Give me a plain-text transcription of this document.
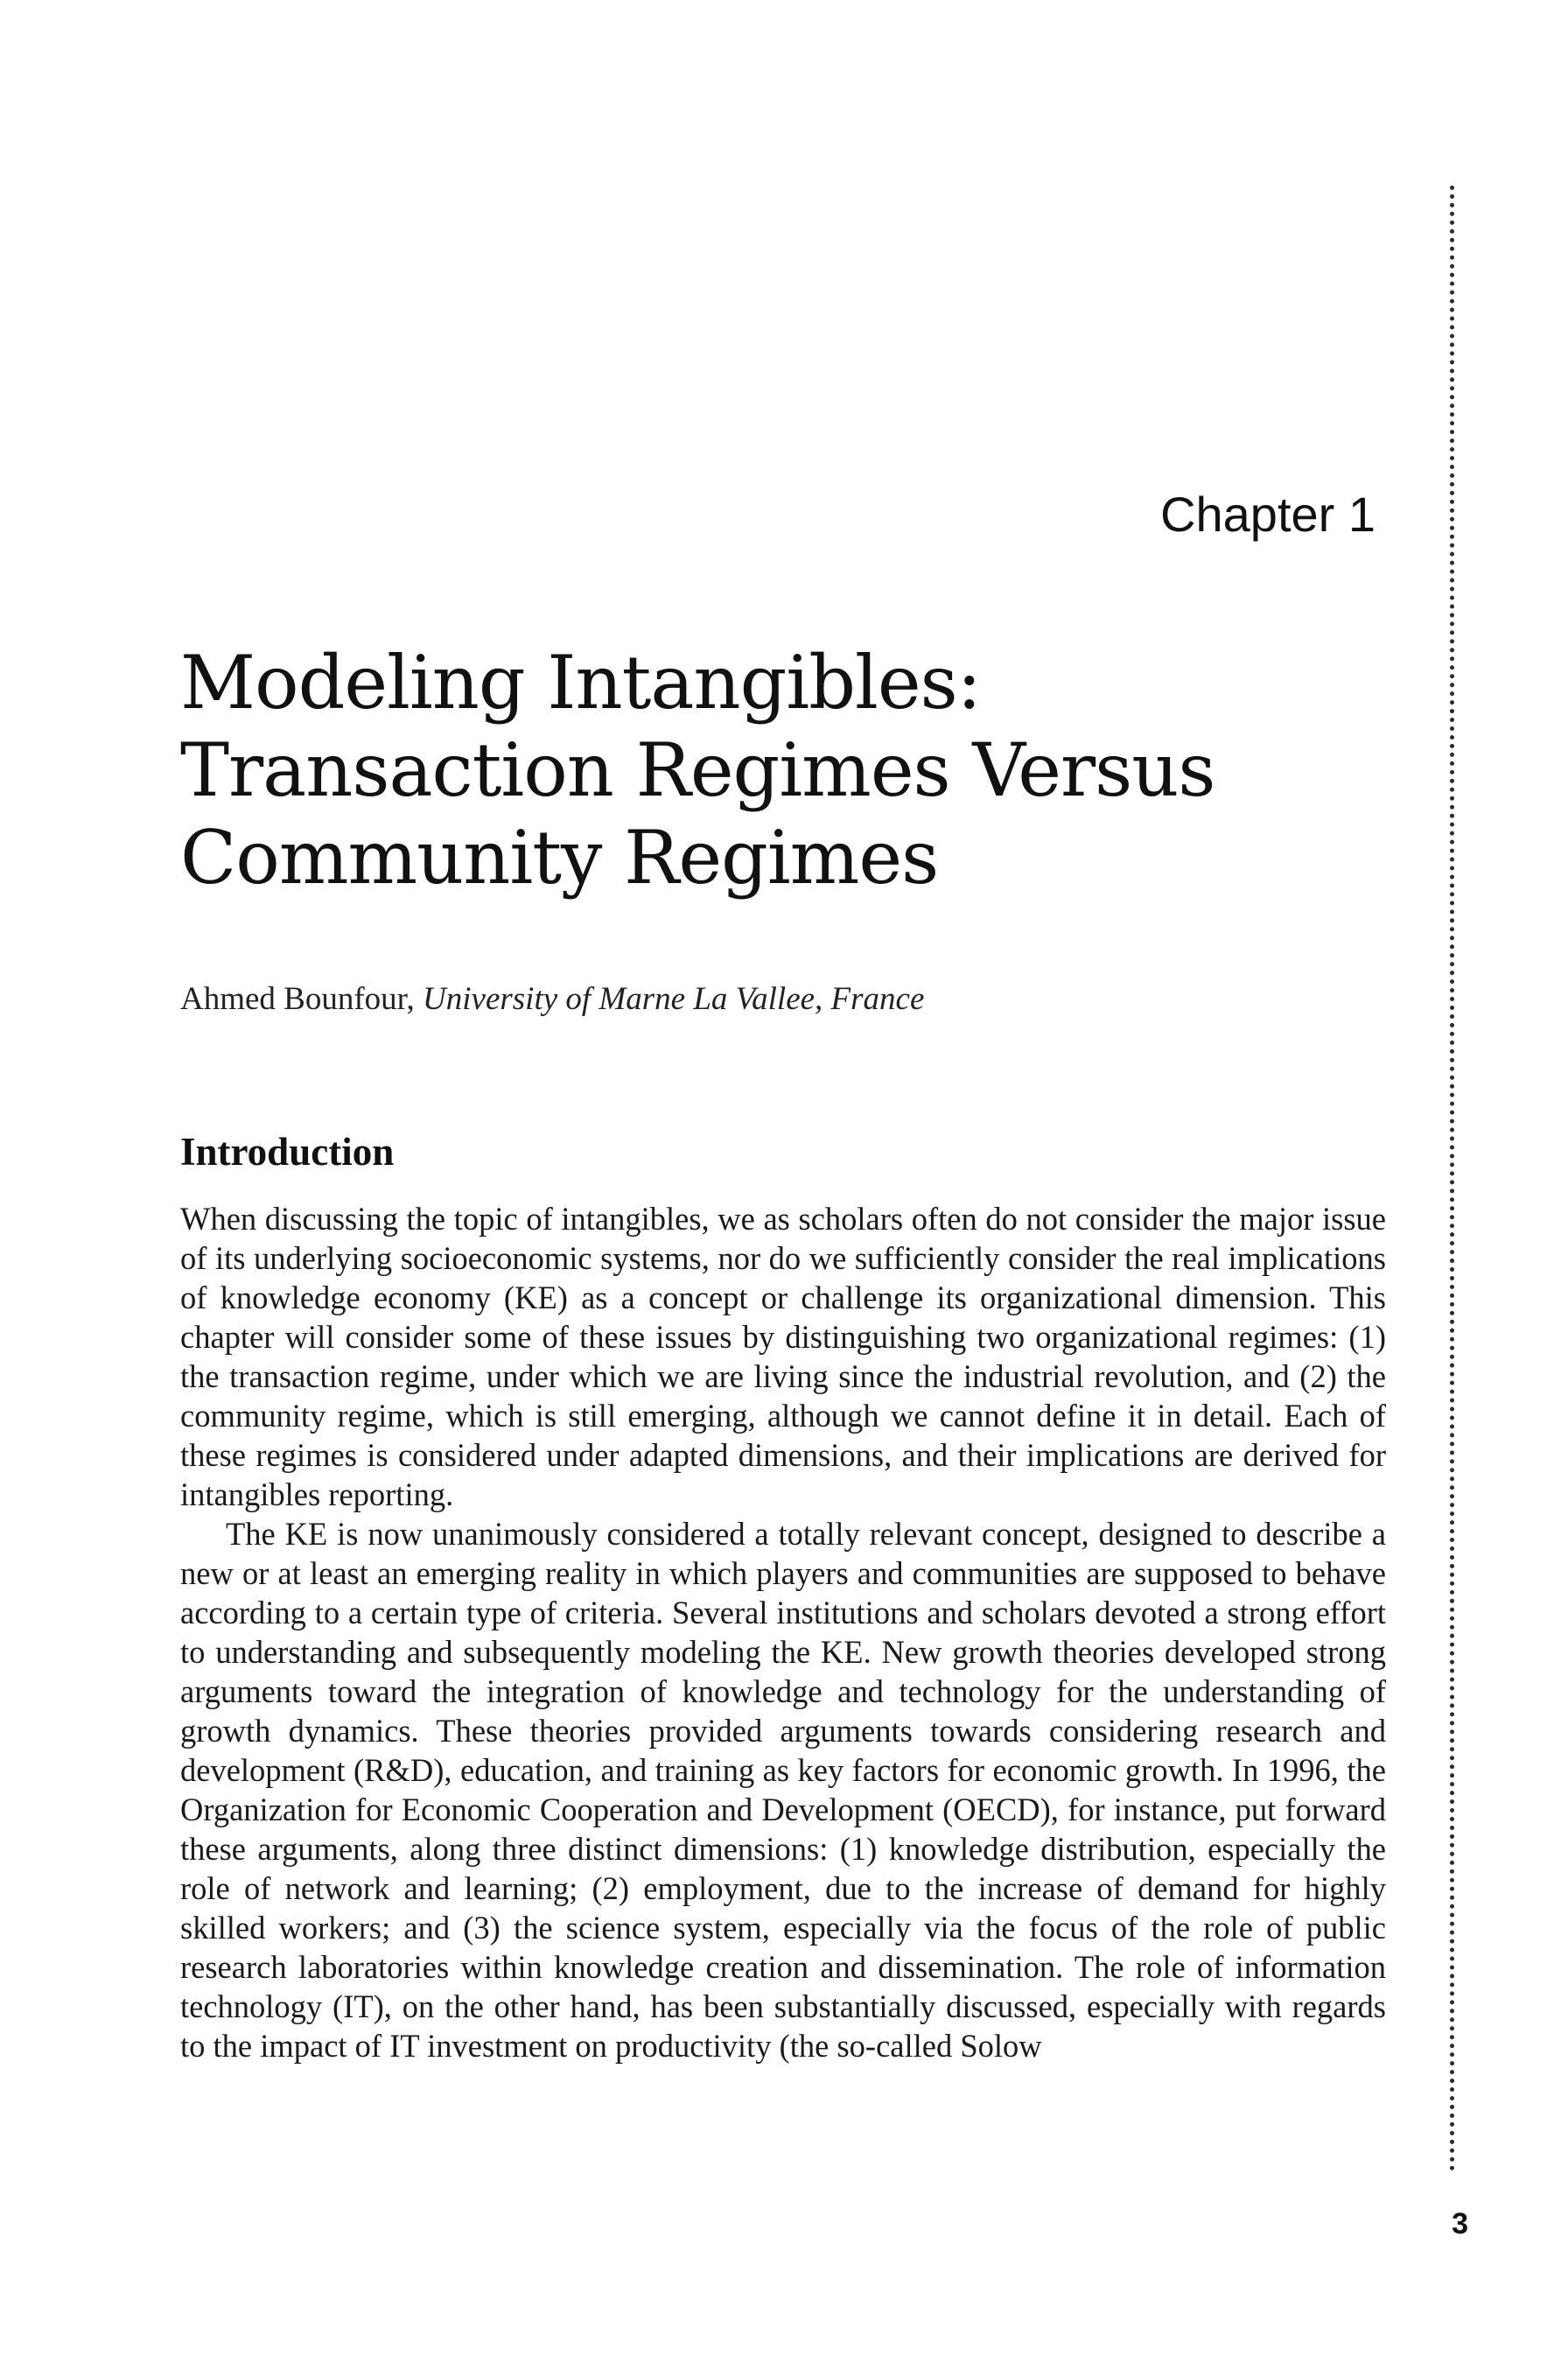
Chapter 1
Modeling Intangibles:
Transaction Regimes Versus
Community Regimes

Ahmed Bounfour, University of Marne La Vallee, France

Introduction

When discussing the topic of intangibles, we as scholars often do not consider the major issue of its underlying socioeconomic systems, nor do we sufficiently consider the real implications of knowledge economy (KE) as a concept or challenge its organizational dimension. This chapter will consider some of these issues by distinguishing two organizational regimes: (1) the transaction regime, under which we are living since the industrial revolution, and (2) the community regime, which is still emerging, although we cannot define it in detail. Each of these regimes is considered under adapted dimensions, and their implications are derived for intangibles reporting.

The KE is now unanimously considered a totally relevant concept, designed to describe a new or at least an emerging reality in which players and communities are supposed to behave according to a certain type of criteria. Several institutions and scholars devoted a strong effort to understanding and subsequently modeling the KE. New growth theories developed strong arguments toward the integration of knowledge and technology for the understanding of growth dynamics. These theories provided arguments towards considering research and development (R&D), education, and training as key factors for economic growth. In 1996, the Organization for Economic Cooperation and Development (OECD), for instance, put forward these arguments, along three distinct dimensions: (1) knowledge distribution, especially the role of network and learning; (2) employment, due to the increase of demand for highly skilled workers; and (3) the science system, especially via the focus of the role of public research laboratories within knowledge creation and dissemination. The role of information technology (IT), on the other hand, has been substantially discussed, especially with regards to the impact of IT investment on productivity (the so-called Solow

3
